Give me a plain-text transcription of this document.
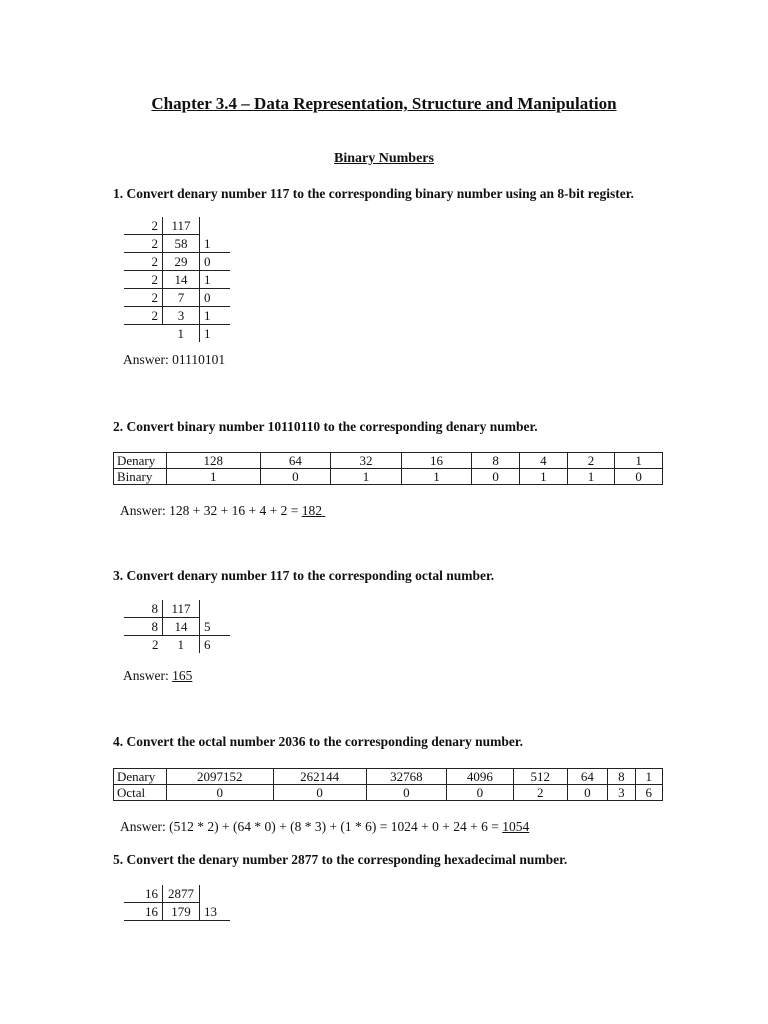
Chapter 3.4 – Data Representation, Structure and Manipulation
Binary Numbers
1. Convert denary number 117 to the corresponding binary number using an 8-bit register.
2	117	
2	58	1
2	29	0
2	14	1
2	7	0
2	3	1
	1	1
Answer: 01110101
2. Convert binary number 10110110 to the corresponding denary number.
Denary	128	64	32	16	8	4	2	1
Binary	1	0	1	1	0	1	1	0
Answer: 128 + 32 + 16 + 4 + 2 = 182
3. Convert denary number 117 to the corresponding octal number.
8	117	
8	14	5
2	1	6
Answer: 165
4. Convert the octal number 2036 to the corresponding denary number.
Denary	2097152	262144	32768	4096	512	64	8	1
Octal	0	0	0	0	2	0	3	6
Answer: (512 * 2) + (64 * 0) + (8 * 3) + (1 * 6) = 1024 + 0 + 24 + 6 = 1054
5. Convert the denary number 2877 to the corresponding hexadecimal number.
16	2877	
16	179	13
